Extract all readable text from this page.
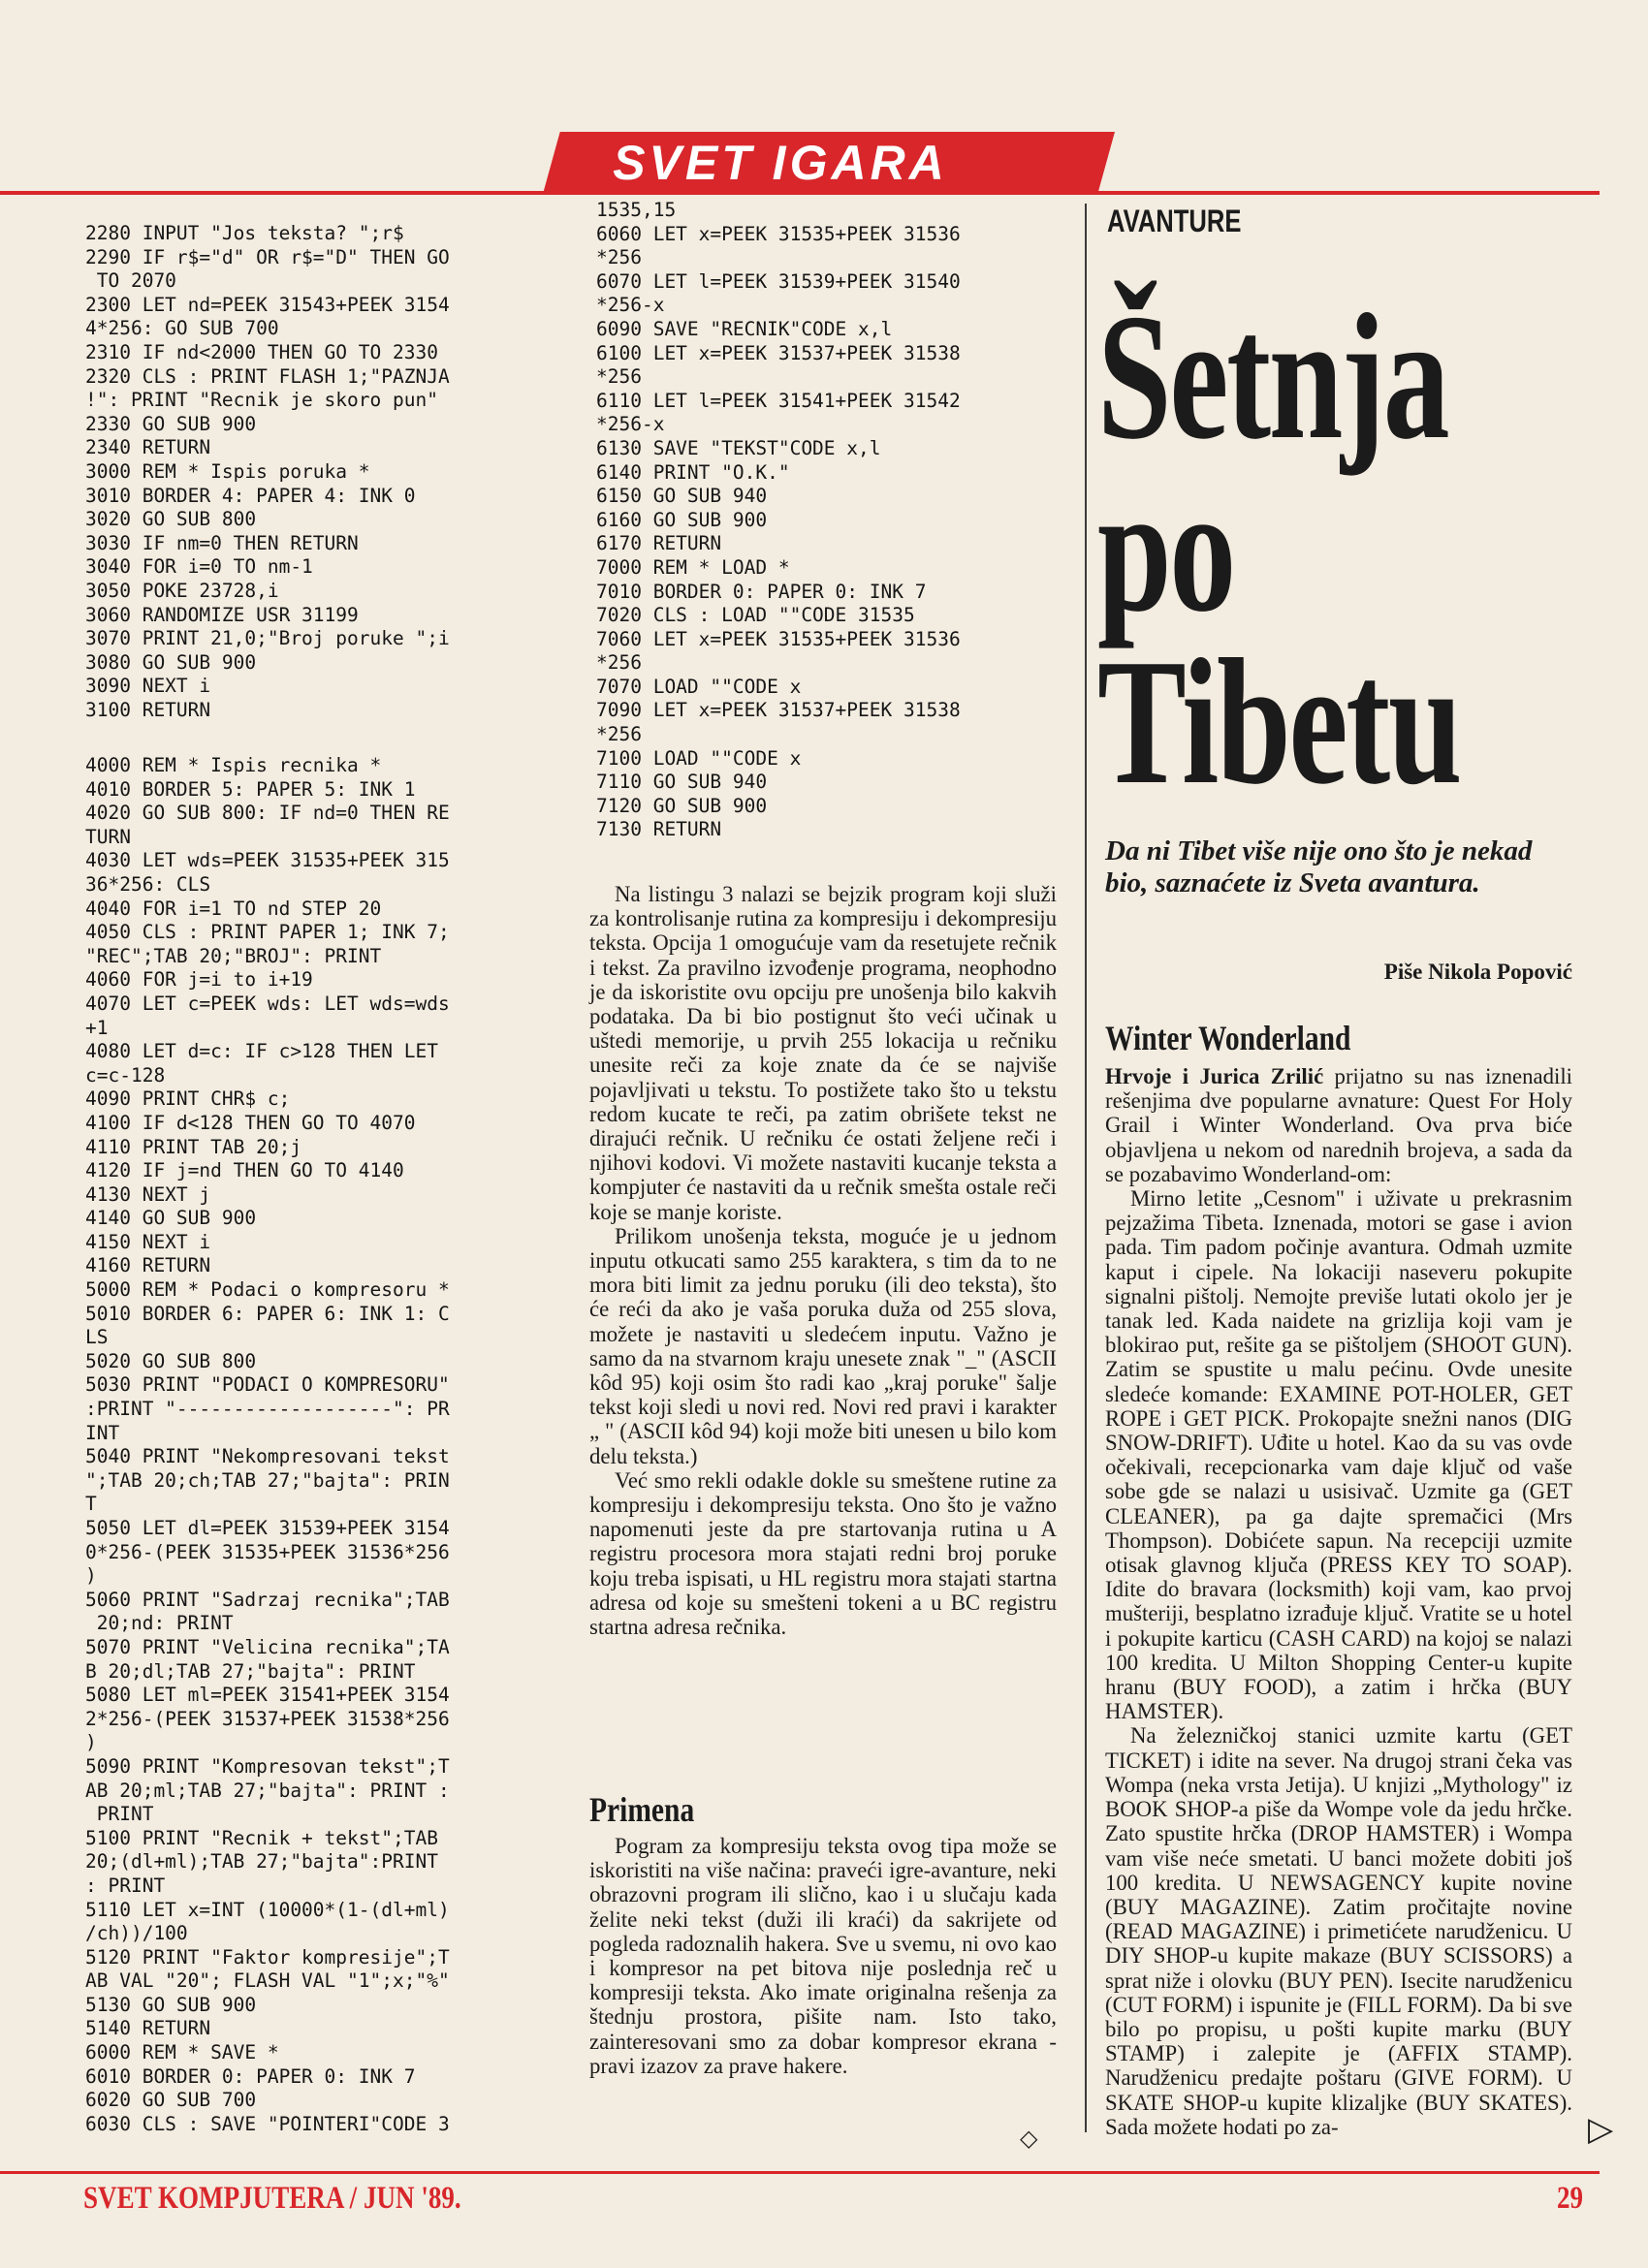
SVET IGARA
2280 INPUT "Jos teksta? ";r$
2290 IF r$="d" OR r$="D" THEN GO
TO 2070
2300 LET nd=PEEK 31543+PEEK 3154
4*256: GO SUB 700
2310 IF nd<2000 THEN GO TO 2330
2320 CLS : PRINT FLASH 1;"PAZNJA
!": PRINT "Recnik je skoro pun"
2330 GO SUB 900
2340 RETURN
3000 REM * Ispis poruka *
3010 BORDER 4: PAPER 4: INK 0
3020 GO SUB 800
3030 IF nm=0 THEN RETURN
3040 FOR i=0 TO nm-1
3050 POKE 23728,i
3060 RANDOMIZE USR 31199
3070 PRINT 21,0;"Broj poruke ";i
3080 GO SUB 900
3090 NEXT i
3100 RETURN
4000 REM * Ispis recnika *
4010 BORDER 5: PAPER 5: INK 1
4020 GO SUB 800: IF nd=0 THEN RE
TURN
4030 LET wds=PEEK 31535+PEEK 315
36*256: CLS
4040 FOR i=1 TO nd STEP 20
4050 CLS : PRINT PAPER 1; INK 7;
"REC";TAB 20;"BROJ": PRINT
4060 FOR j=i to i+19
4070 LET c=PEEK wds: LET wds=wds
+1
4080 LET d=c: IF c>128 THEN LET
c=c-128
4090 PRINT CHR$ c;
4100 IF d<128 THEN GO TO 4070
4110 PRINT TAB 20;j
4120 IF j=nd THEN GO TO 4140
4130 NEXT j
4140 GO SUB 900
4150 NEXT i
4160 RETURN
5000 REM * Podaci o kompresoru *
5010 BORDER 6: PAPER 6: INK 1: C
LS
5020 GO SUB 800
5030 PRINT "PODACI O KOMPRESORU"
:PRINT "-------------------": PR
INT
5040 PRINT "Nekompresovani tekst
";TAB 20;ch;TAB 27;"bajta": PRIN
T
5050 LET dl=PEEK 31539+PEEK 3154
0*256-(PEEK 31535+PEEK 31536*256
)
5060 PRINT "Sadrzaj recnika";TAB
20;nd: PRINT
5070 PRINT "Velicina recnika";TA
B 20;dl;TAB 27;"bajta": PRINT
5080 LET ml=PEEK 31541+PEEK 3154
2*256-(PEEK 31537+PEEK 31538*256
)
5090 PRINT "Kompresovan tekst";T
AB 20;ml;TAB 27;"bajta": PRINT :
PRINT
5100 PRINT "Recnik + tekst";TAB
20;(dl+ml);TAB 27;"bajta":PRINT
: PRINT
5110 LET x=INT (10000*(1-(dl+ml)
/ch))/100
5120 PRINT "Faktor kompresije";T
AB VAL "20"; FLASH VAL "1";x;"%"
5130 GO SUB 900
5140 RETURN
6000 REM * SAVE *
6010 BORDER 0: PAPER 0: INK 7
6020 GO SUB 700
6030 CLS : SAVE "POINTERI"CODE 3
1535,15
6060 LET x=PEEK 31535+PEEK 31536
*256
6070 LET l=PEEK 31539+PEEK 31540
*256-x
6090 SAVE "RECNIK"CODE x,l
6100 LET x=PEEK 31537+PEEK 31538
*256
6110 LET l=PEEK 31541+PEEK 31542
*256-x
6130 SAVE "TEKST"CODE x,l
6140 PRINT "O.K."
6150 GO SUB 940
6160 GO SUB 900
6170 RETURN
7000 REM * LOAD *
7010 BORDER 0: PAPER 0: INK 7
7020 CLS : LOAD ""CODE 31535
7060 LET x=PEEK 31535+PEEK 31536
*256
7070 LOAD ""CODE x
7090 LET x=PEEK 31537+PEEK 31538
*256
7100 LOAD ""CODE x
7110 GO SUB 940
7120 GO SUB 900
7130 RETURN
AVANTURE
Šetnja
po
Tibetu
Da ni Tibet više nije ono što je nekad bio, saznaćete iz Sveta avantura.
Piše Nikola Popović

Na listingu 3 nalazi se bejzik program koji služi za kontrolisanje rutina za kompresiju i dekompresiju teksta. Opcija 1 omogućuje vam da resetujete rečnik i tekst. Za pravilno izvođenje programa, neophodno je da iskoristite ovu opciju pre unošenja bilo kakvih podataka. Da bi bio postignut što veći učinak u uštedi memorije, u prvih 255 lokacija u rečniku unesite reči za koje znate da će se najviše pojavljivati u tekstu. To postižete tako što u tekstu redom kucate te reči, pa zatim obrišete tekst ne dirajući rečnik. U rečniku će ostati željene reči i njihovi kodovi. Vi možete nastaviti kucanje teksta a kompjuter će nastaviti da u rečnik smešta ostale reči koje se manje koriste.

Prilikom unošenja teksta, moguće je u jednom inputu otkucati samo 255 karaktera, s tim da to ne mora biti limit za jednu poruku (ili deo teksta), što će reći da ako je vaša poruka duža od 255 slova, možete je nastaviti u sledećem inputu. Važno je samo da na stvarnom kraju unesete znak "_" (ASCII kôd 95) koji osim što radi kao „kraj poruke" šalje tekst koji sledi u novi red. Novi red pravi i karakter „ " (ASCII kôd 94) koji može biti unesen u bilo kom delu teksta.)

Već smo rekli odakle dokle su smeštene rutine za kompresiju i dekompresiju teksta. Ono što je važno napomenuti jeste da pre startovanja rutina u A registru procesora mora stajati redni broj poruke koju treba ispisati, u HL registru mora stajati startna adresa od koje su smešteni tokeni a u BC registru startna adresa rečnika.

Primena

Pogram za kompresiju teksta ovog tipa može se iskoristiti na više načina: praveći igre-avanture, neki obrazovni program ili slično, kao i u slučaju kada želite neki tekst (duži ili kraći) da sakrijete od pogleda radoznalih hakera. Sve u svemu, ni ovo kao i kompresor na pet bitova nije poslednja reč u kompresiji teksta. Ako imate originalna rešenja za štednju prostora, pišite nam. Isto tako, zainteresovani smo za dobar kompresor ekrana - pravi izazov za prave hakere.

◇
Winter Wonderland

Hrvoje i Jurica Zrilić prijatno su nas iznenadili rešenjima dve popularne avnature: Quest For Holy Grail i Winter Wonderland. Ova prva biće objavljena u nekom od narednih brojeva, a sada da se pozabavimo Wonderland-om:

Mirno letite „Cesnom" i uživate u prekrasnim pejzažima Tibeta. Iznenada, motori se gase i avion pada. Tim padom počinje avantura. Odmah uzmite kaput i cipele. Na lokaciji naseveru pokupite signalni pištolj. Nemojte previše lutati okolo jer je tanak led. Kada naidete na grizlija koji vam je blokirao put, rešite ga se pištoljem (SHOOT GUN). Zatim se spustite u malu pećinu. Ovde unesite sledeće komande: EXAMINE POT-HOLER, GET ROPE i GET PICK. Prokopajte snežni nanos (DIG SNOW-DRIFT). Uđite u hotel. Kao da su vas ovde očekivali, recepcionarka vam daje ključ od vaše sobe gde se nalazi u usisivač. Uzmite ga (GET CLEANER), pa ga dajte spremačici (Mrs Thompson). Dobićete sapun. Na recepciji uzmite otisak glavnog ključa (PRESS KEY TO SOAP). Idite do bravara (locksmith) koji vam, kao prvoj mušteriji, besplatno izrađuje ključ. Vratite se u hotel i pokupite karticu (CASH CARD) na kojoj se nalazi 100 kredita. U Milton Shopping Center-u kupite hranu (BUY FOOD), a zatim i hrčka (BUY HAMSTER).

Na železničkoj stanici uzmite kartu (GET TICKET) i idite na sever. Na drugoj strani čeka vas Wompa (neka vrsta Jetija). U knjizi „Mythology" iz BOOK SHOP-a piše da Wompe vole da jedu hrčke. Zato spustite hrčka (DROP HAMSTER) i Wompa vam više neće smetati. U banci možete dobiti još 100 kredita. U NEWSAGENCY kupite novine (BUY MAGAZINE). Zatim pročitajte novine (READ MAGAZINE) i primetićete narudženicu. U DIY SHOP-u kupite makaze (BUY SCISSORS) a sprat niže i olovku (BUY PEN). Isecite narudženicu (CUT FORM) i ispunite je (FILL FORM). Da bi sve bilo po propisu, u pošti kupite marku (BUY STAMP) i zalepite je (AFFIX STAMP). Narudženicu predajte poštaru (GIVE FORM). U SKATE SHOP-u kupite klizaljke (BUY SKATES). Sada možete hodati po za-	▷
SVET KOMPJUTERA / JUN '89.	29
